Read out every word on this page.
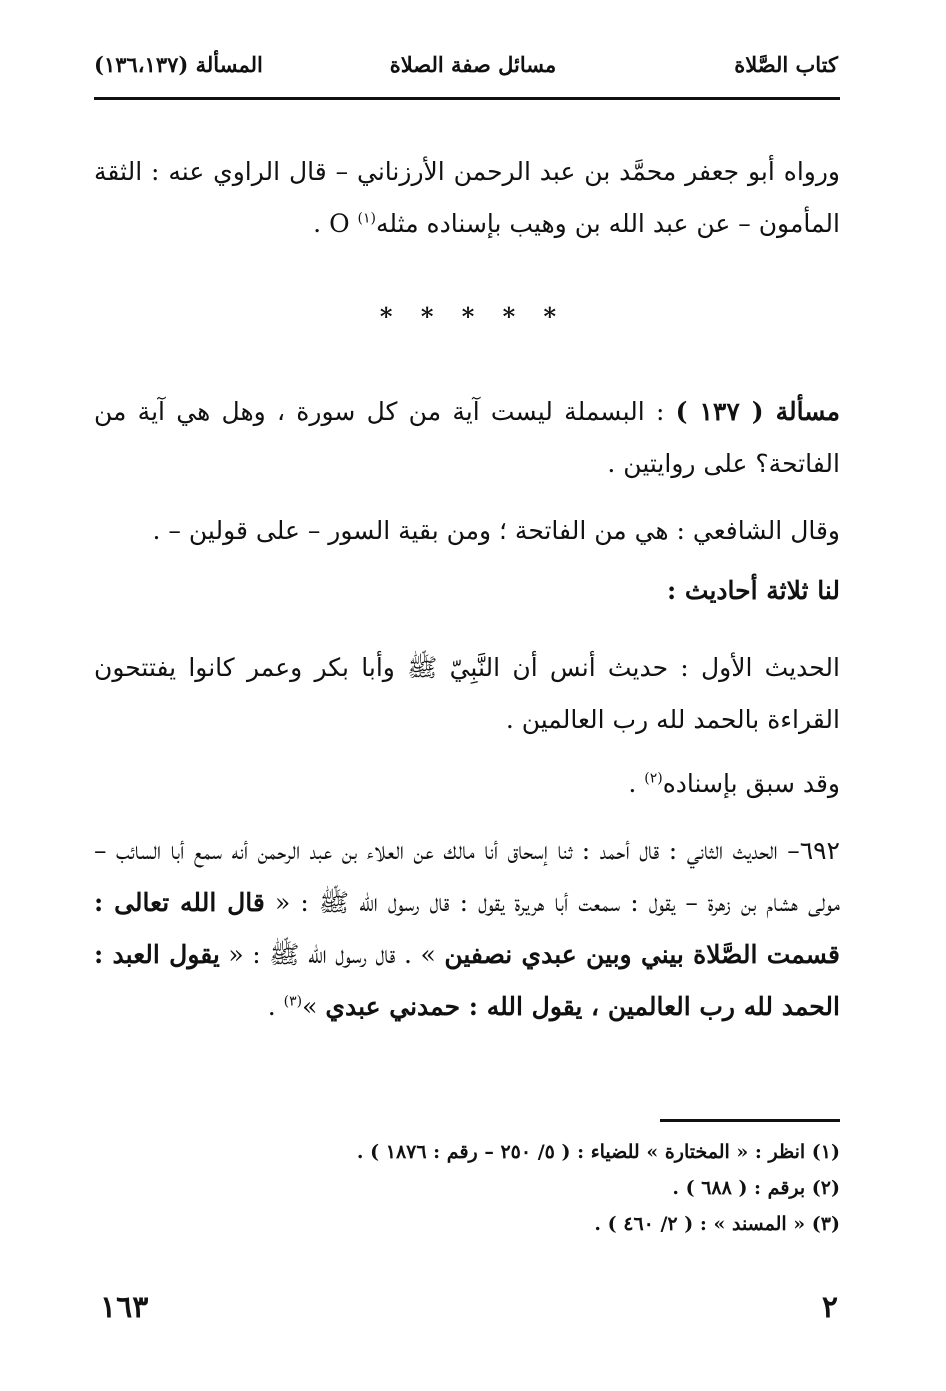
كتاب الصَّلاة
مسائل صفة الصلاة
المسألة (١٣٦،١٣٧)
ورواه أبو جعفر محمَّد بن عبد الرحمن الأرزناني – قال الراوي عنه : الثقة المأمون – عن عبد الله بن وهيب بإسناده مثله$^{(١)}$ O .
* * * * *
مسألة ( ١٣٧ ) : البسملة ليست آية من كل سورة ، وهل هي آية من الفاتحة؟ على روايتين .
وقال الشافعي : هي من الفاتحة ؛ ومن بقية السور – على قولين – .
لنا ثلاثة أحاديث :
الحديث الأول : حديث أنس أن النَّبِيّ ﷺ وأبا بكر وعمر كانوا يفتتحون القراءة بالحمد لله رب العالمين .
وقد سبق بإسناده$^{(٢)}$ .
٦٩٢– الحديث الثاني : قال أحمد : ثنا إسحاق أنا مالك عن العلاء بن عبد الرحمن أنه سمع أبا السائب – مولى هشام بن زهرة – يقول : سمعت أبا هريرة يقول : قال رسول الله ﷺ : « قال الله تعالى : قسمت الصَّلاة بيني وبين عبدي نصفين » . قال رسول الله ﷺ : « يقول العبد : الحمد لله رب العالمين ، يقول الله : حمدني عبدي »$^{(٣)}$ .
(١) انظر : « المختارة » للضياء : ( ٥/ ٢٥٠ – رقم : ١٨٧٦ ) .
(٢) برقم : ( ٦٨٨ ) .
(٣) « المسند » : ( ٢/ ٤٦٠ ) .
٢
١٦٣
